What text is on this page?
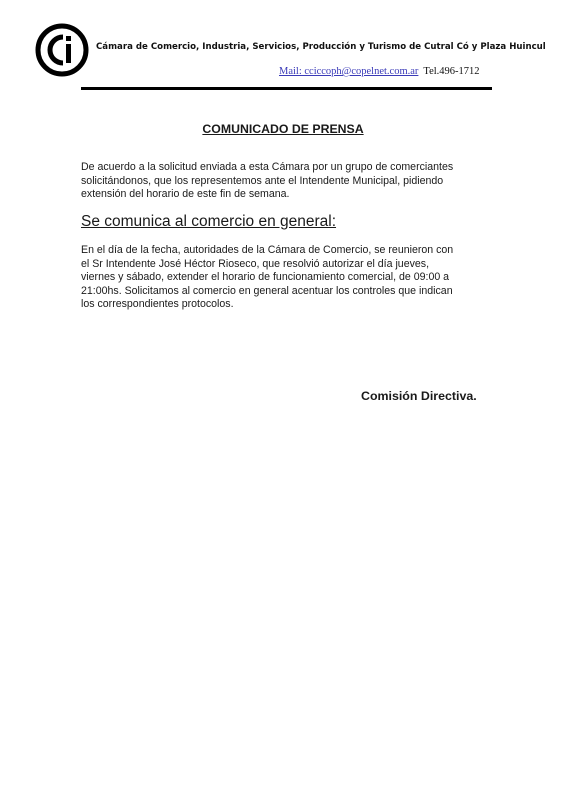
Cámara de Comercio, Industria, Servicios, Producción y Turismo de Cutral Có y Plaza Huincul
Mail: cciccoph@copelnet.com.ar Tel.496-1712
COMUNICADO DE PRENSA

De acuerdo a la solicitud enviada a esta Cámara por un grupo de comerciantes
solicitándonos, que los representemos ante el Intendente Municipal, pidiendo
extensión del horario de este fin de semana.

Se comunica al comercio en general:

En el día de la fecha, autoridades de la Cámara de Comercio, se reunieron con
el Sr Intendente José Héctor Rioseco, que resolvió autorizar el día jueves,
viernes y sábado, extender el horario de funcionamiento comercial, de 09:00 a
21:00hs. Solicitamos al comercio en general acentuar los controles que indican
los correspondientes protocolos.

Comisión Directiva.
